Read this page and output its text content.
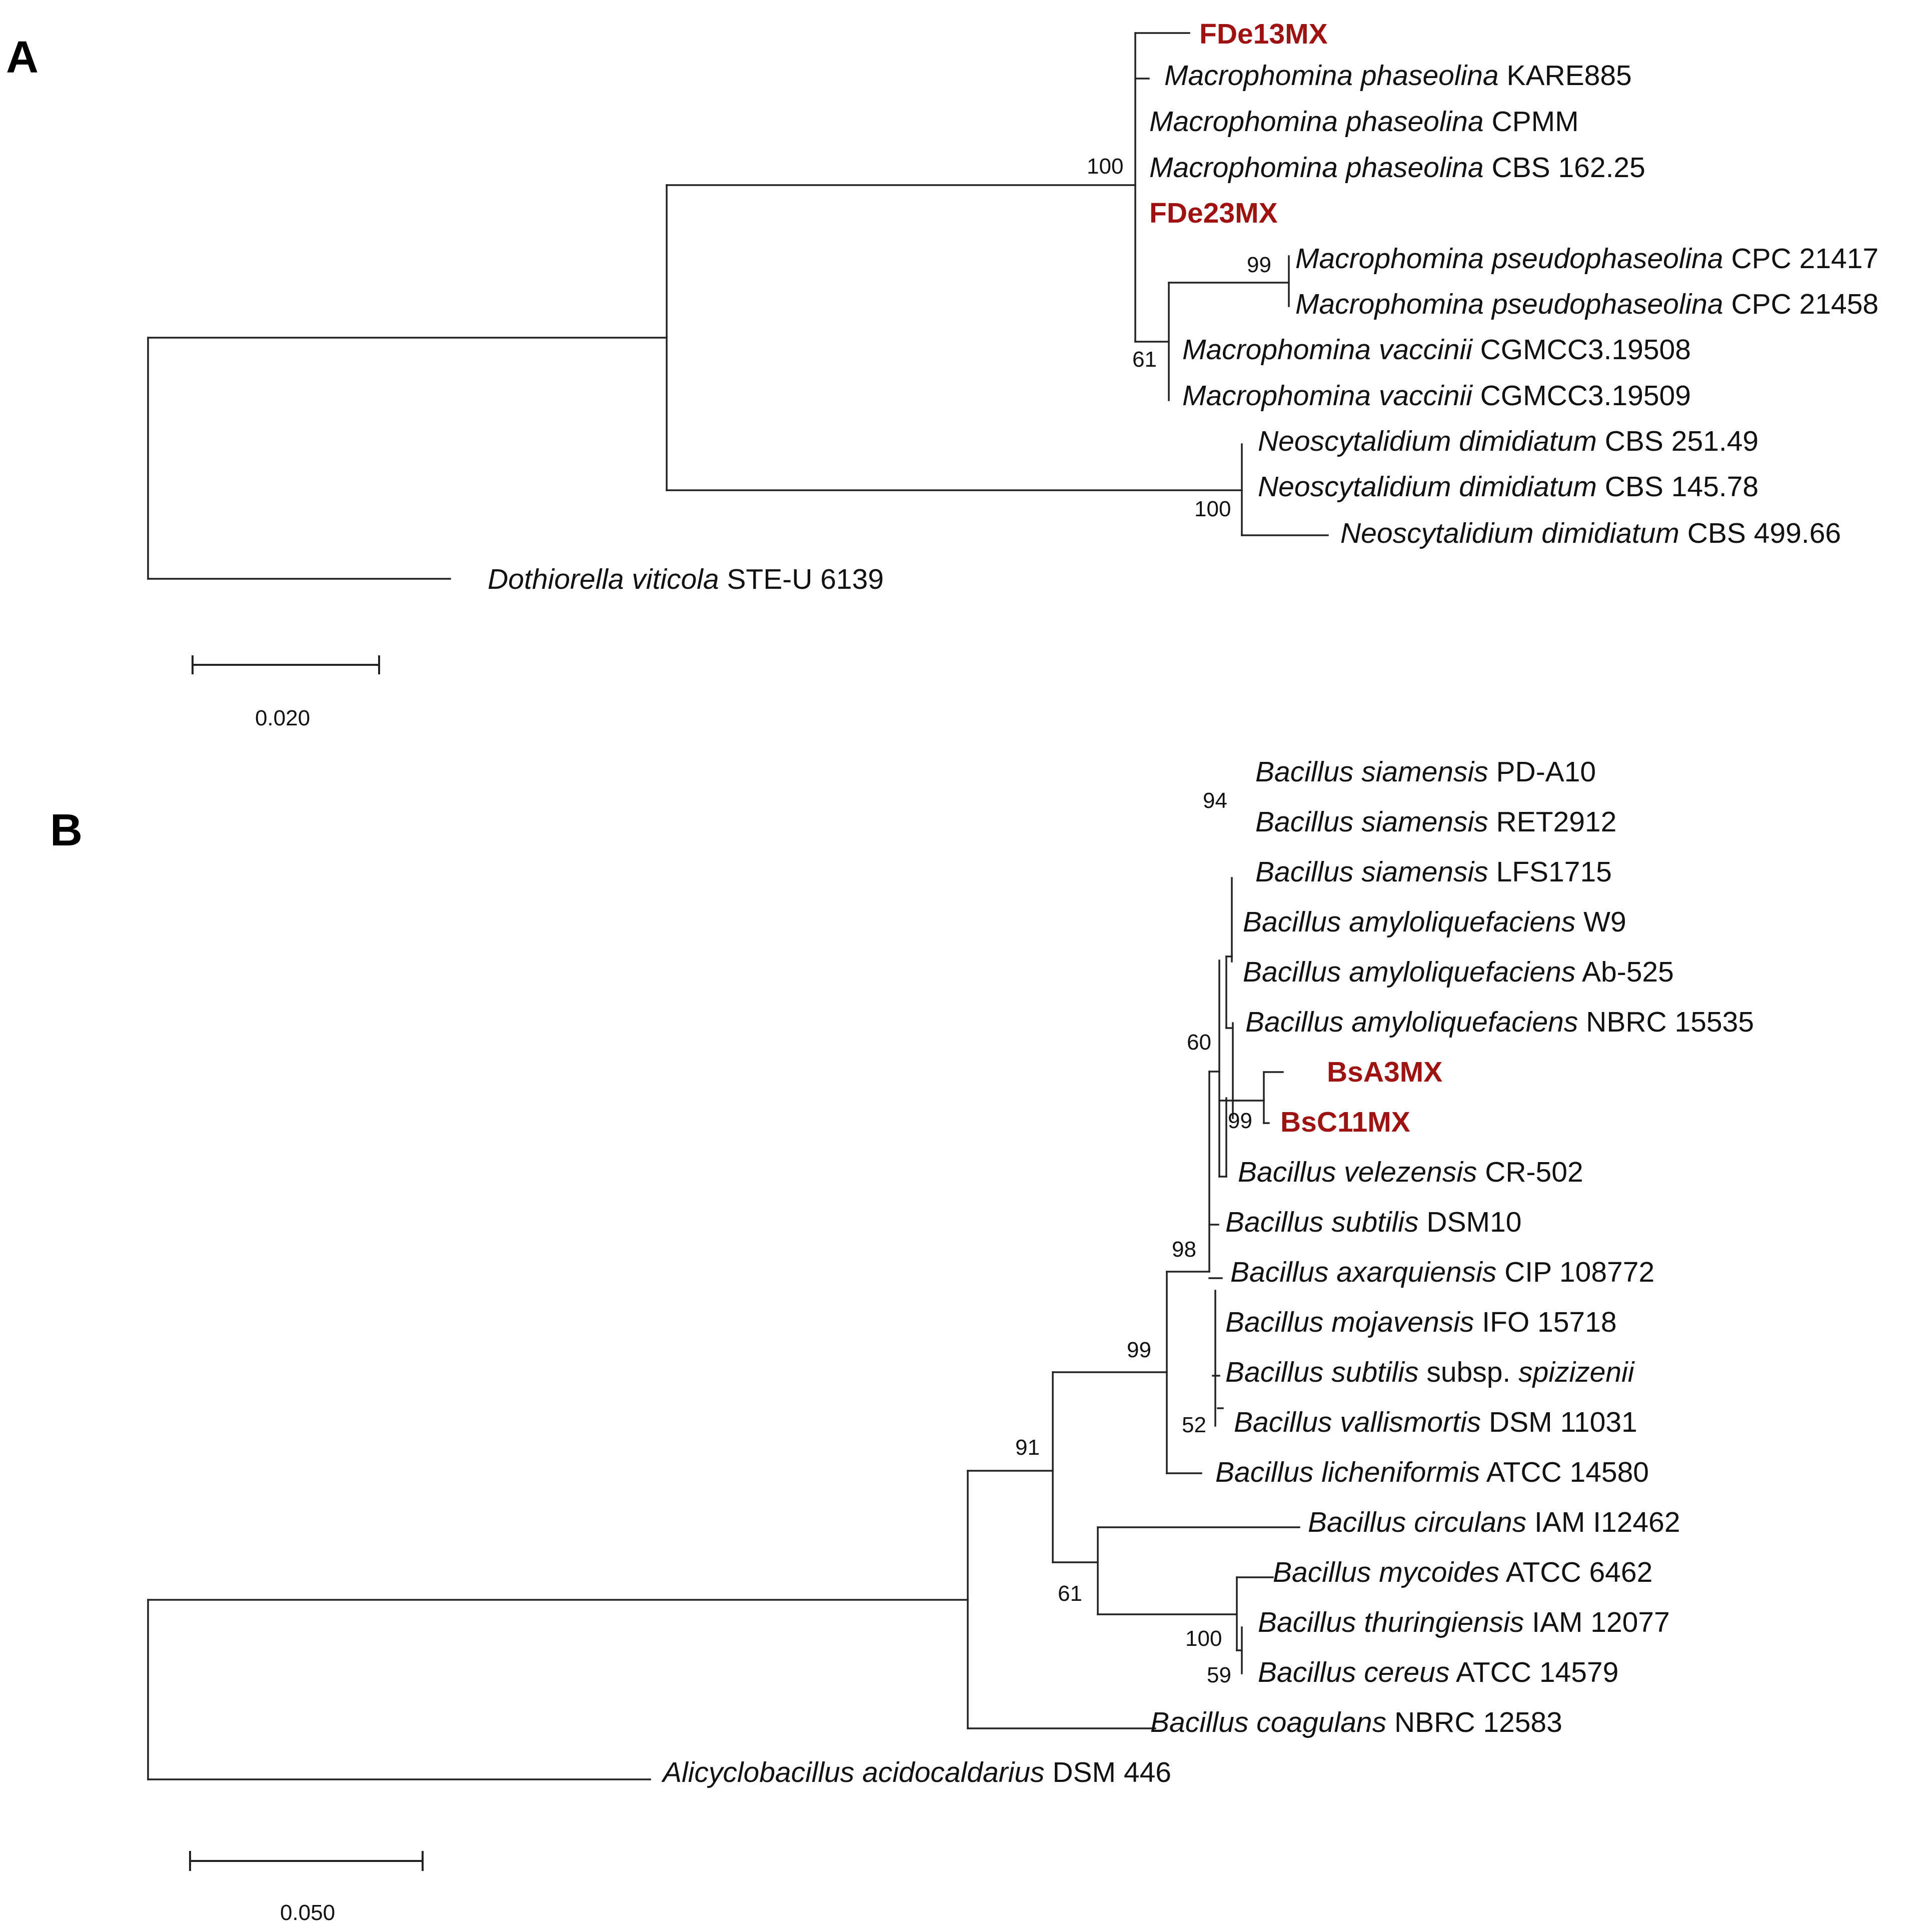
A	FDe13MX
Macrophomina phaseolina KARE885
Macrophomina phaseolina CPMM
Macrophomina phaseolina CBS 162.25
FDe23MX
Macrophomina pseudophaseolina CPC 21417
Macrophomina pseudophaseolina CPC 21458
Macrophomina vaccinii CGMCC3.19508
Macrophomina vaccinii CGMCC3.19509
Neoscytalidium dimidiatum CBS 251.49
Neoscytalidium dimidiatum CBS 145.78
Neoscytalidium dimidiatum CBS 499.66
Dothiorella viticola STE-U 6139
100
99
61
100
0.020
B
Bacillus siamensis PD-A10
Bacillus siamensis RET2912
Bacillus siamensis LFS1715
Bacillus amyloliquefaciens W9
Bacillus amyloliquefaciens Ab-525
Bacillus amyloliquefaciens NBRC 15535
BsA3MX
BsC11MX
Bacillus velezensis CR-502
Bacillus subtilis DSM10
Bacillus axarquiensis CIP 108772
Bacillus mojavensis IFO 15718
Bacillus subtilis subsp. spizizenii
Bacillus vallismortis DSM 11031
Bacillus licheniformis ATCC 14580
Bacillus circulans IAM I12462
Bacillus mycoides ATCC 6462
Bacillus thuringiensis IAM 12077
Bacillus cereus ATCC 14579
Bacillus coagulans NBRC 12583
Alicyclobacillus acidocaldarius DSM 446
94
60
99
98
99
52
91
61
100
59
0.050
